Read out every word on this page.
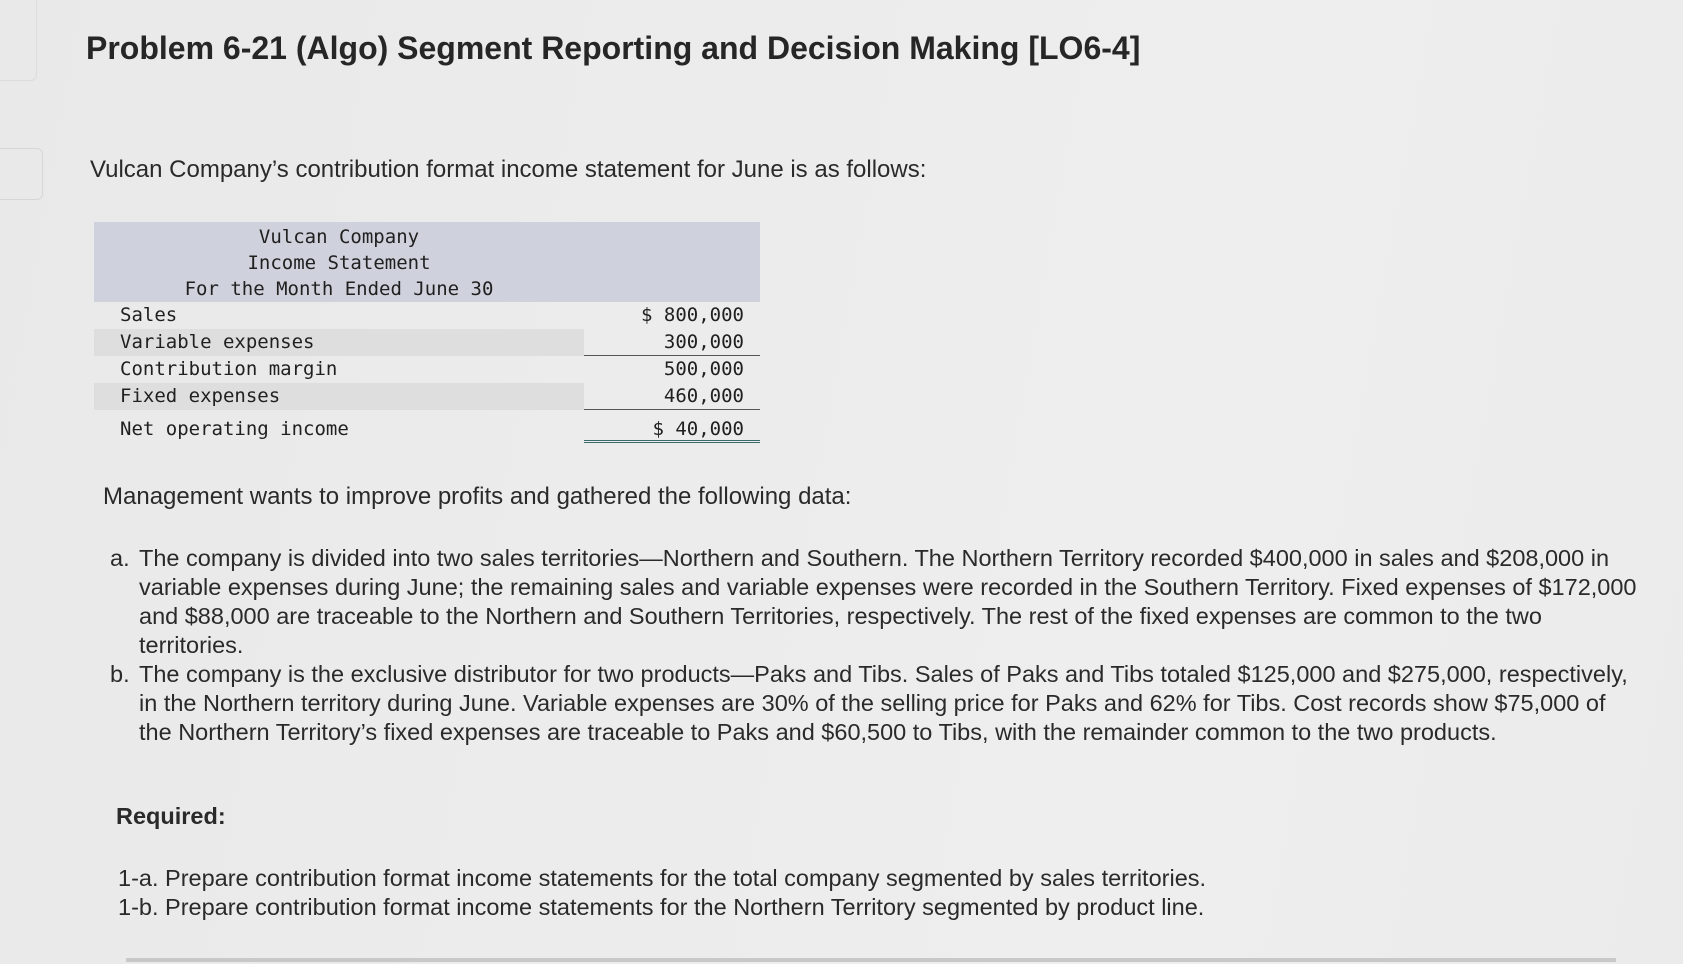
Problem 6-21 (Algo) Segment Reporting and Decision Making [LO6-4]
Vulcan Company’s contribution format income statement for June is as follows:
Vulcan Company
Income Statement
For the Month Ended June 30
Sales	$ 800,000
Variable expenses	300,000
Contribution margin	500,000
Fixed expenses	460,000
Net operating income	$ 40,000
Management wants to improve profits and gathered the following data:
a. The company is divided into two sales territories—Northern and Southern. The Northern Territory recorded $400,000 in sales and $208,000 in variable expenses during June; the remaining sales and variable expenses were recorded in the Southern Territory. Fixed expenses of $172,000 and $88,000 are traceable to the Northern and Southern Territories, respectively. The rest of the fixed expenses are common to the two territories.
b. The company is the exclusive distributor for two products—Paks and Tibs. Sales of Paks and Tibs totaled $125,000 and $275,000, respectively, in the Northern territory during June. Variable expenses are 30% of the selling price for Paks and 62% for Tibs. Cost records show $75,000 of the Northern Territory’s fixed expenses are traceable to Paks and $60,500 to Tibs, with the remainder common to the two products.
Required:
1-a. Prepare contribution format income statements for the total company segmented by sales territories.
1-b. Prepare contribution format income statements for the Northern Territory segmented by product line.
